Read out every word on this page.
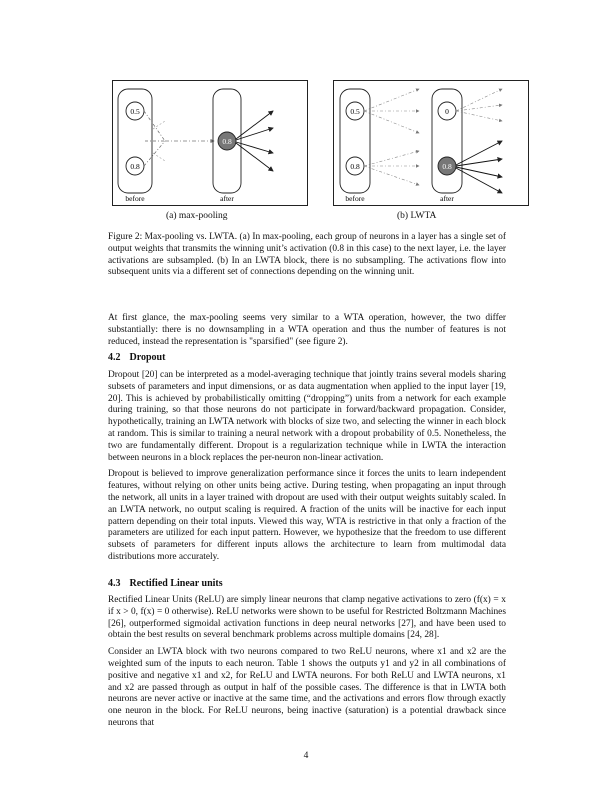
0.5
0.8
0.8
before	after
(a) max-pooling
0.5
0.8
0
0.8
before	after
(b) LWTA
Figure 2: Max-pooling vs. LWTA. (a) In max-pooling, each group of neurons in a layer has a single set of output weights that transmits the winning unit’s activation (0.8 in this case) to the next layer, i.e. the layer activations are subsampled. (b) In an LWTA block, there is no subsampling. The activations flow into subsequent units via a different set of connections depending on the winning unit.

At first glance, the max-pooling seems very similar to a WTA operation, however, the two differ substantially: there is no downsampling in a WTA operation and thus the number of features is not reduced, instead the representation is "sparsified" (see figure 2).

4.2 Dropout

Dropout [20] can be interpreted as a model-averaging technique that jointly trains several models sharing subsets of parameters and input dimensions, or as data augmentation when applied to the input layer [19, 20]. This is achieved by probabilistically omitting (“dropping”) units from a network for each example during training, so that those neurons do not participate in forward/backward propagation. Consider, hypothetically, training an LWTA network with blocks of size two, and selecting the winner in each block at random. This is similar to training a neural network with a dropout probability of 0.5. Nonetheless, the two are fundamentally different. Dropout is a regularization technique while in LWTA the interaction between neurons in a block replaces the per-neuron non-linear activation.

Dropout is believed to improve generalization performance since it forces the units to learn independent features, without relying on other units being active. During testing, when propagating an input through the network, all units in a layer trained with dropout are used with their output weights suitably scaled. In an LWTA network, no output scaling is required. A fraction of the units will be inactive for each input pattern depending on their total inputs. Viewed this way, WTA is restrictive in that only a fraction of the parameters are utilized for each input pattern. However, we hypothesize that the freedom to use different subsets of parameters for different inputs allows the architecture to learn from multimodal data distributions more accurately.

4.3 Rectified Linear units

Rectified Linear Units (ReLU) are simply linear neurons that clamp negative activations to zero (f(x) = x if x > 0, f(x) = 0 otherwise). ReLU networks were shown to be useful for Restricted Boltzmann Machines [26], outperformed sigmoidal activation functions in deep neural networks [27], and have been used to obtain the best results on several benchmark problems across multiple domains [24, 28].

Consider an LWTA block with two neurons compared to two ReLU neurons, where x1 and x2 are the weighted sum of the inputs to each neuron. Table 1 shows the outputs y1 and y2 in all combinations of positive and negative x1 and x2, for ReLU and LWTA neurons. For both ReLU and LWTA neurons, x1 and x2 are passed through as output in half of the possible cases. The difference is that in LWTA both neurons are never active or inactive at the same time, and the activations and errors flow through exactly one neuron in the block. For ReLU neurons, being inactive (saturation) is a potential drawback since neurons that

4
